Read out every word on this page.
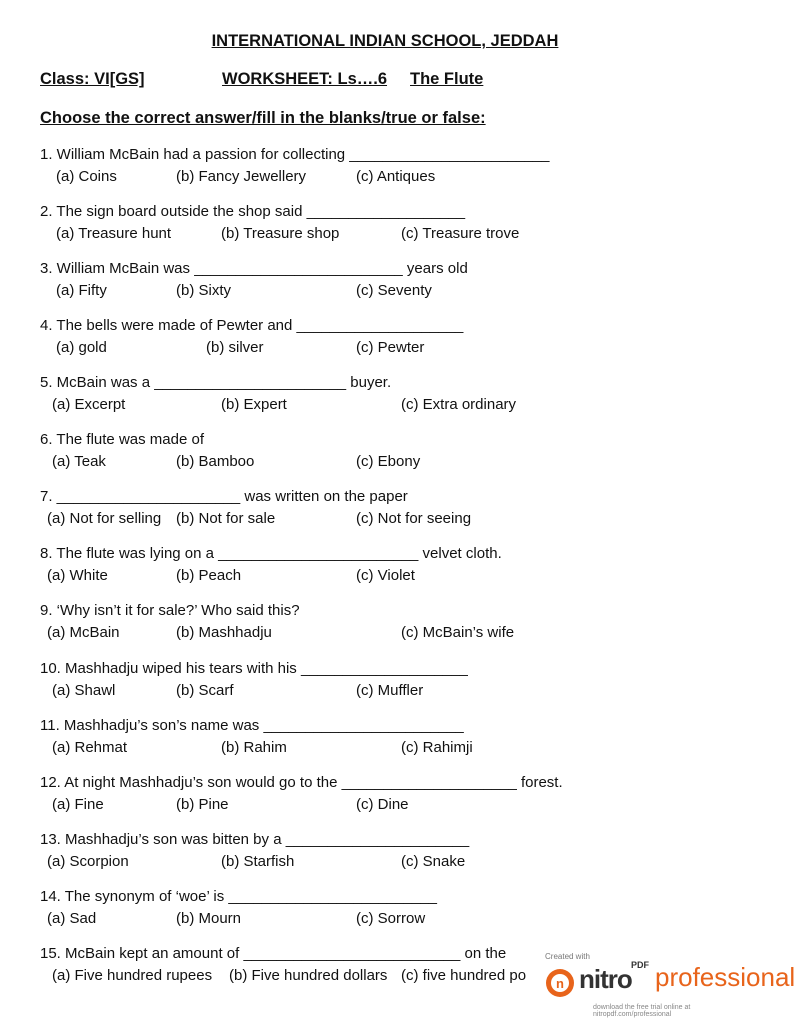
INTERNATIONAL INDIAN SCHOOL, JEDDAH
Class: VI[GS]	WORKSHEET: Ls….6 The Flute
Choose the correct answer/fill in the blanks/true or false:
1. William McBain had a passion for collecting ________________________
(a) Coins	(b) Fancy Jewellery	(c) Antiques
2. The sign board outside the shop said ___________________
(a) Treasure hunt	(b) Treasure shop	(c) Treasure trove
3. William McBain was _________________________ years old
(a) Fifty	(b) Sixty	(c) Seventy
4. The bells were made of Pewter and ____________________
(a) gold	(b) silver	(c) Pewter
5. McBain was a _______________________ buyer.
(a) Excerpt	(b) Expert	(c) Extra ordinary
6. The flute was made of
(a) Teak	(b) Bamboo	(c) Ebony
7. ______________________ was written on the paper
(a) Not for selling (b) Not for sale	(c) Not for seeing
8. The flute was lying on a ________________________ velvet cloth.
(a) White	(b) Peach	(c) Violet
9. ‘Why isn’t it for sale?’ Who said this?
(a) McBain	(b) Mashhadju	(c) McBain’s wife
10. Mashhadju wiped his tears with his ____________________
(a) Shawl	(b) Scarf	(c) Muffler
11. Mashhadju’s son’s name was ________________________
(a) Rehmat	(b) Rahim	(c) Rahimji
12. At night Mashhadju’s son would go to the _____________________ forest.
(a) Fine	(b) Pine	(c) Dine
13. Mashhadju’s son was bitten by a ______________________
(a) Scorpion	(b) Starfish	(c) Snake
14. The synonym of ‘woe’ is _________________________
(a) Sad	(b) Mourn	(c) Sorrow
15. McBain kept an amount of __________________________ on the
(a) Five hundred rupees (b) Five hundred dollars (c) five hundred po
Created with
n nitro PDF professional
download the free trial online at nitropdf.com/professional
